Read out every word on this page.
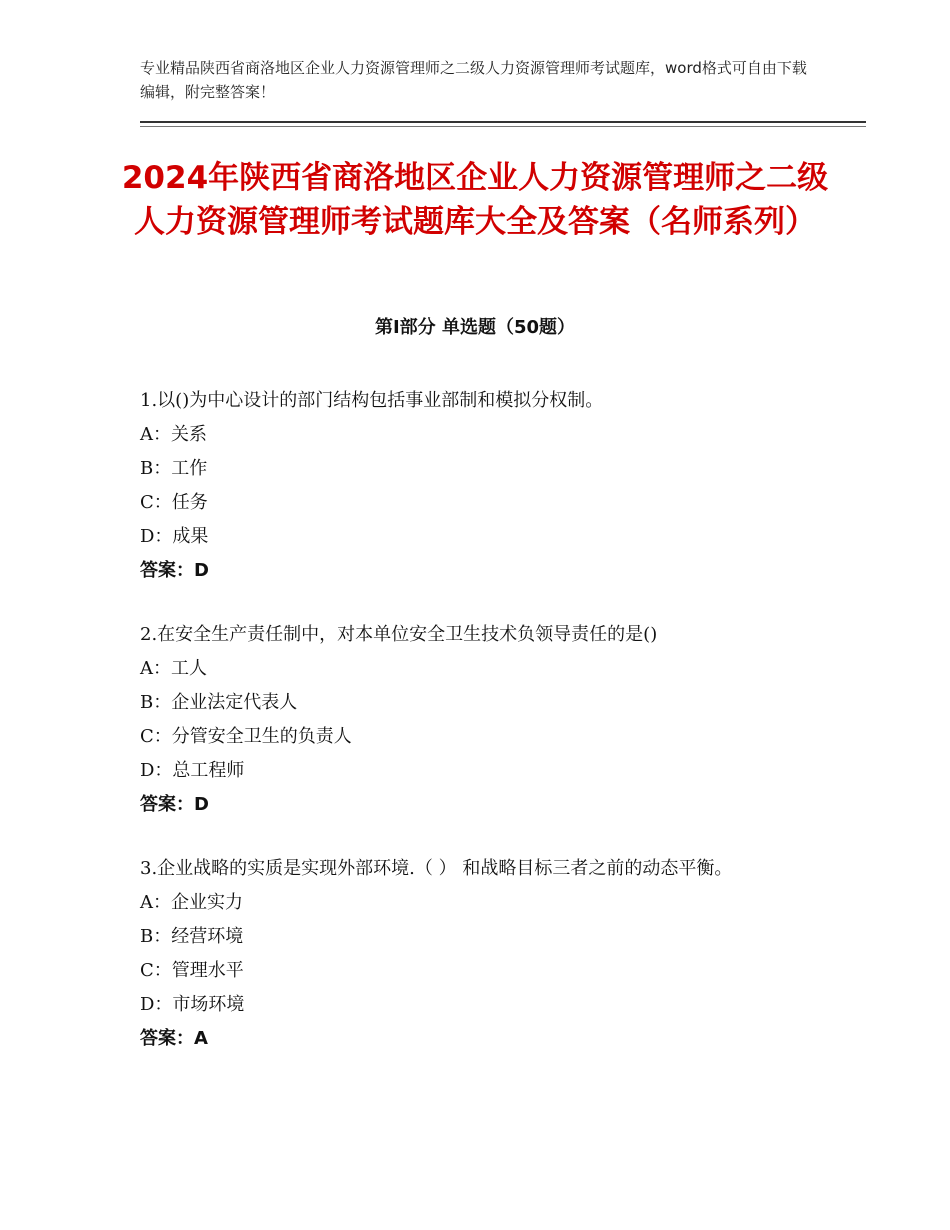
专业精品陕西省商洛地区企业人力资源管理师之二级人力资源管理师考试题库，word格式可自由下载编辑，附完整答案！
2024年陕西省商洛地区企业人力资源管理师之二级人力资源管理师考试题库大全及答案（名师系列）
第Ⅰ部分 单选题（50题）

1.以()为中心设计的部门结构包括事业部制和模拟分权制。

A：关系

B：工作

C：任务

D：成果

答案：D

2.在安全生产责任制中，对本单位安全卫生技术负领导责任的是()

A：工人

B：企业法定代表人

C：分管安全卫生的负责人

D：总工程师

答案：D

3.企业战略的实质是实现外部环境.（ ） 和战略目标三者之前的动态平衡。

A：企业实力

B：经营环境

C：管理水平

D：市场环境

答案：A
